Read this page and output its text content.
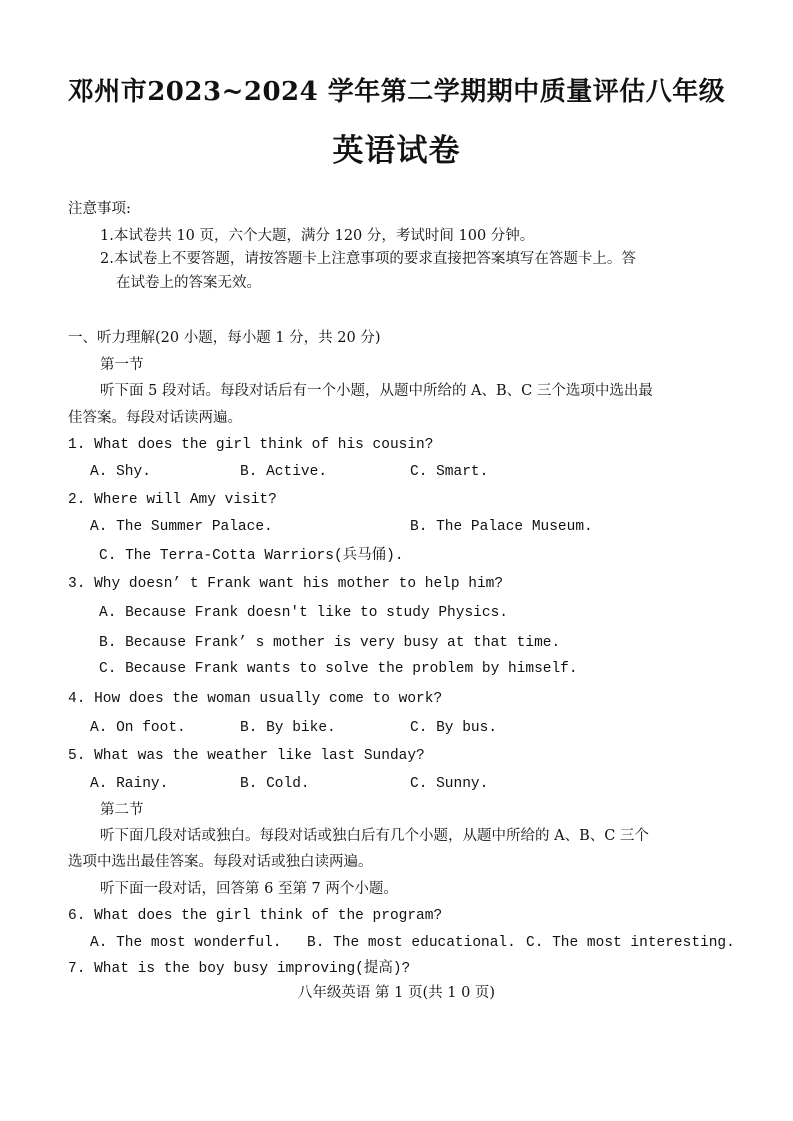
邓州市2023~2024 学年第二学期期中质量评估八年级
英语试卷
注意事项:
1.本试卷共 10 页，六个大题，满分 120 分，考试时间 100 分钟。
2.本试卷上不要答题，请按答题卡上注意事项的要求直接把答案填写在答题卡上。答
在试卷上的答案无效。
一、听力理解(20 小题，每小题 1 分，共 20 分)
第一节
听下面 5 段对话。每段对话后有一个小题，从题中所给的 A、B、C 三个选项中选出最
佳答案。每段对话读两遍。
1. What does the girl think of his cousin?
A. Shy.	B. Active.	C. Smart.
2. Where will Amy visit?
A. The Summer Palace.	B. The Palace Museum.
C. The Terra-Cotta Warriors(兵马俑).
3. Why doesn’ t Frank want his mother to help him?
A. Because Frank doesn't like to study Physics.
B. Because Frank’ s mother is very busy at that time.
C. Because Frank wants to solve the problem by himself.
4. How does the woman usually come to work?
A. On foot.	B. By bike.	C. By bus.
5. What was the weather like last Sunday?
A. Rainy.	B. Cold.	C. Sunny.
第二节
听下面几段对话或独白。每段对话或独白后有几个小题，从题中所给的 A、B、C 三个
选项中选出最佳答案。每段对话或独白读两遍。
听下面一段对话，回答第 6 至第 7 两个小题。
6. What does the girl think of the program?
A. The most wonderful. B. The most educational. C. The most interesting.
7. What is the boy busy improving(提高)?
八年级英语 第 1 页(共 1 0 页)
